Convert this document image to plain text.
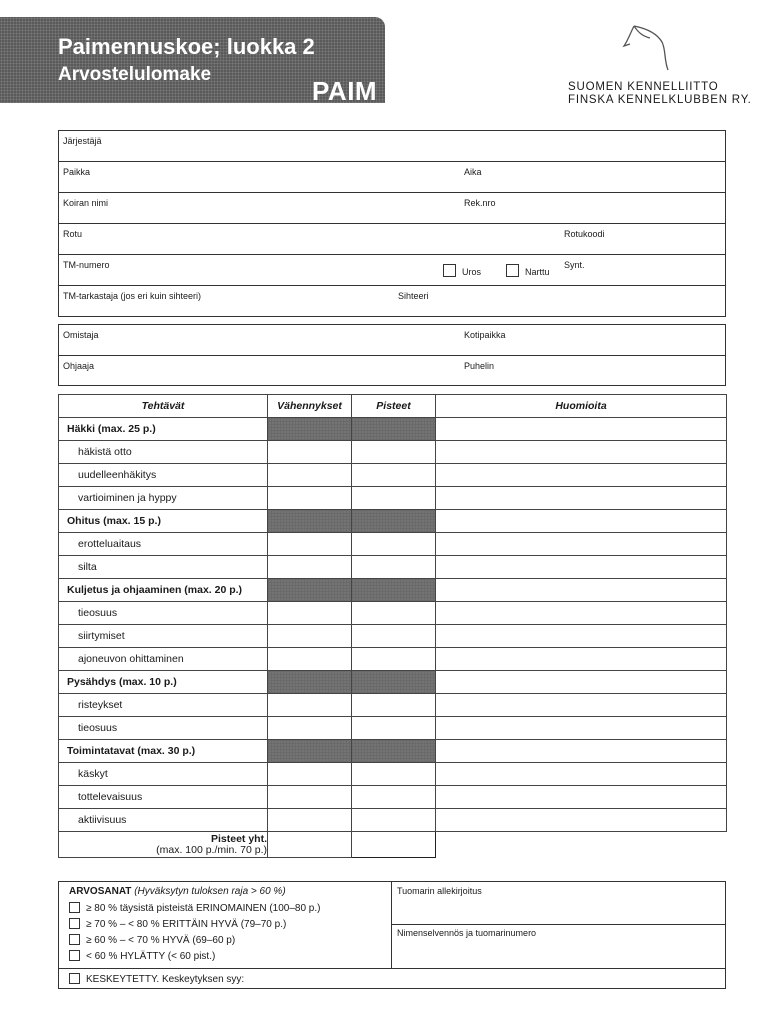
Paimennuskoe; luokka 2
Arvostelulomake
PAIM	SUOMEN KENNELLIITTO
FINSKA KENNELKLUBBEN RY.
Järjestäjä
Paikka	Aika
Koiran nimi	Rek.nro
Rotu	Rotukoodi
TM-numero
Uros	Narttu
Synt.
TM-tarkastaja (jos eri kuin sihteeri)	Sihteeri
Omistaja	Kotipaikka
Ohjaaja	Puhelin
Tehtävät	Vähennykset	Pisteet	Huomioita
Häkki (max. 25 p.)			
häkistä otto			
uudelleenhäkitys			
vartioiminen ja hyppy			
Ohitus (max. 15 p.)			
erotteluaitaus			
silta			
Kuljetus ja ohjaaminen (max. 20 p.)			
tieosuus			
siirtymiset			
ajoneuvon ohittaminen			
Pysähdys (max. 10 p.)			
risteykset			
tieosuus			
Toimintatavat (max. 30 p.)			
käskyt			
tottelevaisuus			
aktiivisuus			
Pisteet yht.
(max. 100 p./min. 70 p.)			
ARVOSANAT (Hyväksytyn tuloksen raja > 60 %)
≥ 80 % täysistä pisteistä ERINOMAINEN (100–80 p.)
≥ 70 % – < 80 % ERITTÄIN HYVÄ (79–70 p.)
≥ 60 % – < 70 % HYVÄ (69–60 p)
< 60 % HYLÄTTY (< 60 pist.)
KESKEYTETTY. Keskeytyksen syy:
Tuomarin allekirjoitus
Nimenselvennös ja tuomarinumero
